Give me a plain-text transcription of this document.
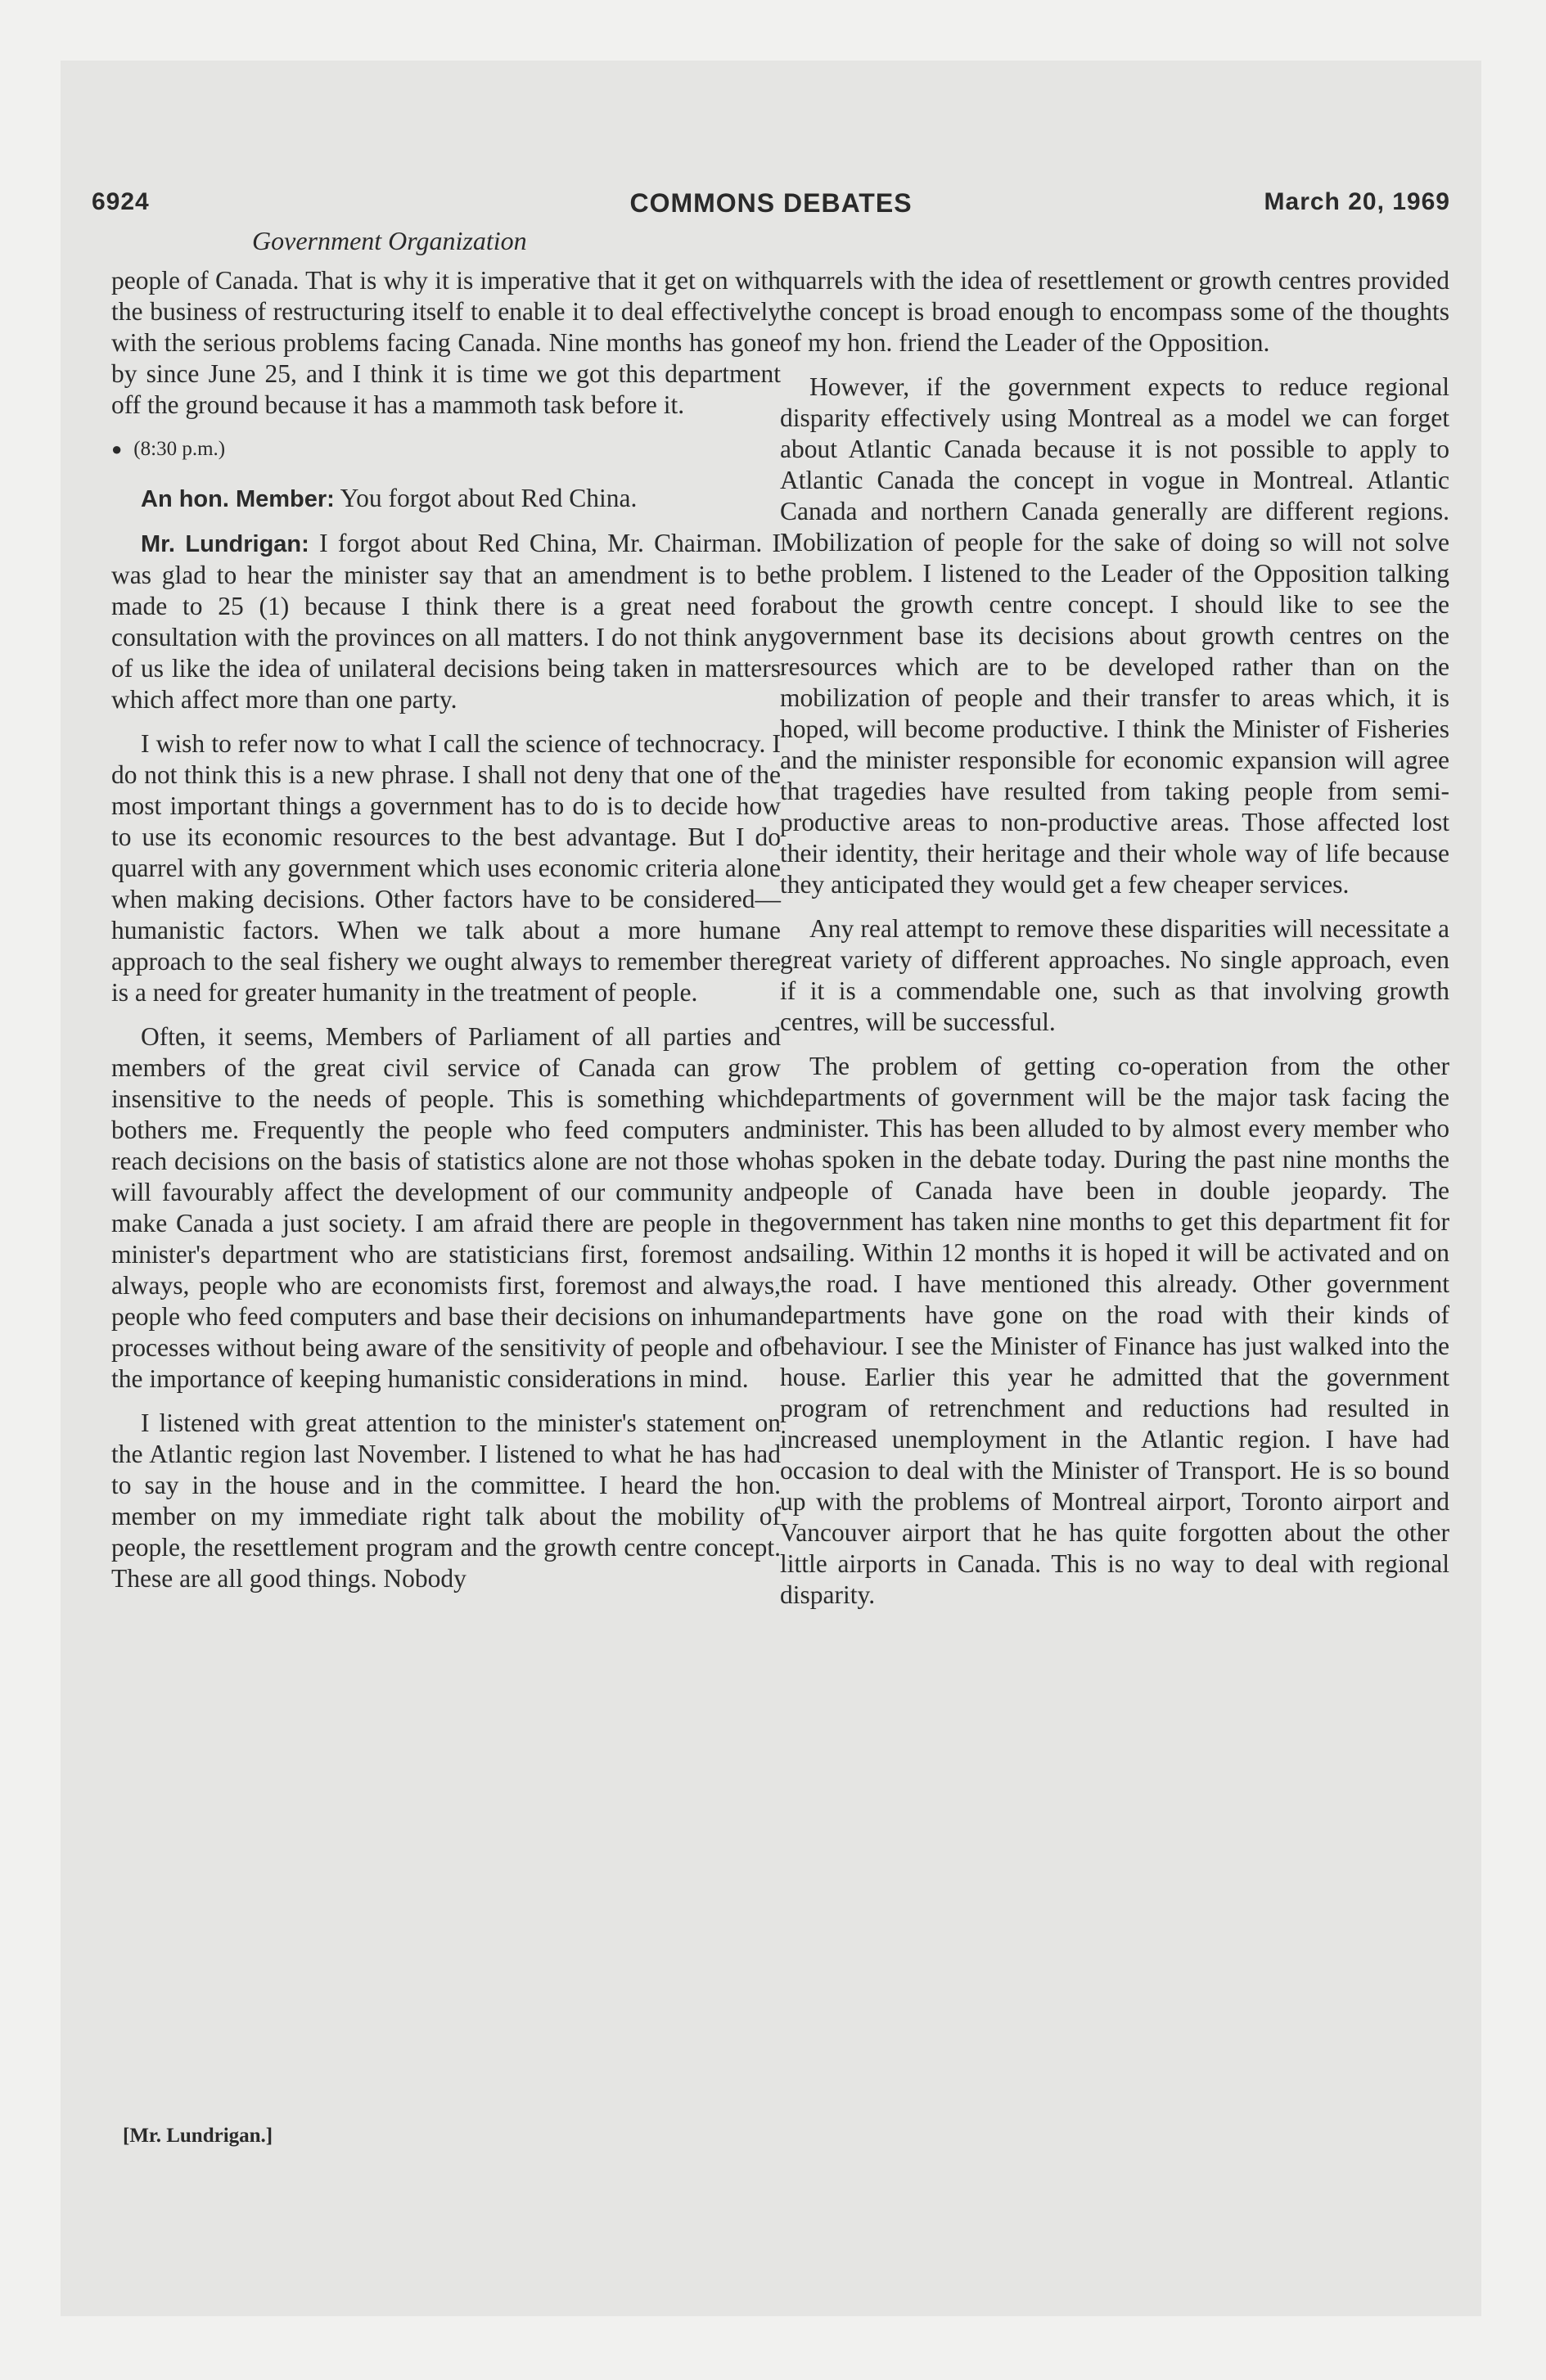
6924	COMMONS DEBATES	March 20, 1969
Government Organization

people of Canada. That is why it is imperative that it get on with the business of restructuring itself to enable it to deal effectively with the serious problems facing Canada. Nine months has gone by since June 25, and I think it is time we got this department off the ground because it has a mammoth task before it.

● (8:30 p.m.)

An hon. Member: You forgot about Red China.

Mr. Lundrigan: I forgot about Red China, Mr. Chairman. I was glad to hear the minister say that an amendment is to be made to 25 (1) because I think there is a great need for consultation with the provinces on all matters. I do not think any of us like the idea of unilateral decisions being taken in matters which affect more than one party.

I wish to refer now to what I call the science of technocracy. I do not think this is a new phrase. I shall not deny that one of the most important things a government has to do is to decide how to use its economic resources to the best advantage. But I do quarrel with any government which uses economic criteria alone when making decisions. Other factors have to be considered—humanistic factors. When we talk about a more humane approach to the seal fishery we ought always to remember there is a need for greater humanity in the treatment of people.

Often, it seems, Members of Parliament of all parties and members of the great civil service of Canada can grow insensitive to the needs of people. This is something which bothers me. Frequently the people who feed computers and reach decisions on the basis of statistics alone are not those who will favourably affect the development of our community and make Canada a just society. I am afraid there are people in the minister's department who are statisticians first, foremost and always, people who are economists first, foremost and always, people who feed computers and base their decisions on inhuman processes without being aware of the sensitivity of people and of the importance of keeping humanistic considerations in mind.

I listened with great attention to the minister's statement on the Atlantic region last November. I listened to what he has had to say in the house and in the committee. I heard the hon. member on my immediate right talk about the mobility of people, the resettlement program and the growth centre concept. These are all good things. Nobody

quarrels with the idea of resettlement or growth centres provided the concept is broad enough to encompass some of the thoughts of my hon. friend the Leader of the Opposition.

However, if the government expects to reduce regional disparity effectively using Montreal as a model we can forget about Atlantic Canada because it is not possible to apply to Atlantic Canada the concept in vogue in Montreal. Atlantic Canada and northern Canada generally are different regions. Mobilization of people for the sake of doing so will not solve the problem. I listened to the Leader of the Opposition talking about the growth centre concept. I should like to see the government base its decisions about growth centres on the resources which are to be developed rather than on the mobilization of people and their transfer to areas which, it is hoped, will become productive. I think the Minister of Fisheries and the minister responsible for economic expansion will agree that tragedies have resulted from taking people from semi-productive areas to non-productive areas. Those affected lost their identity, their heritage and their whole way of life because they anticipated they would get a few cheaper services.

Any real attempt to remove these disparities will necessitate a great variety of different approaches. No single approach, even if it is a commendable one, such as that involving growth centres, will be successful.

The problem of getting co-operation from the other departments of government will be the major task facing the minister. This has been alluded to by almost every member who has spoken in the debate today. During the past nine months the people of Canada have been in double jeopardy. The government has taken nine months to get this department fit for sailing. Within 12 months it is hoped it will be activated and on the road. I have mentioned this already. Other government departments have gone on the road with their kinds of behaviour. I see the Minister of Finance has just walked into the house. Earlier this year he admitted that the government program of retrenchment and reductions had resulted in increased unemployment in the Atlantic region. I have had occasion to deal with the Minister of Transport. He is so bound up with the problems of Montreal airport, Toronto airport and Vancouver airport that he has quite forgotten about the other little airports in Canada. This is no way to deal with regional disparity.

[Mr. Lundrigan.]
